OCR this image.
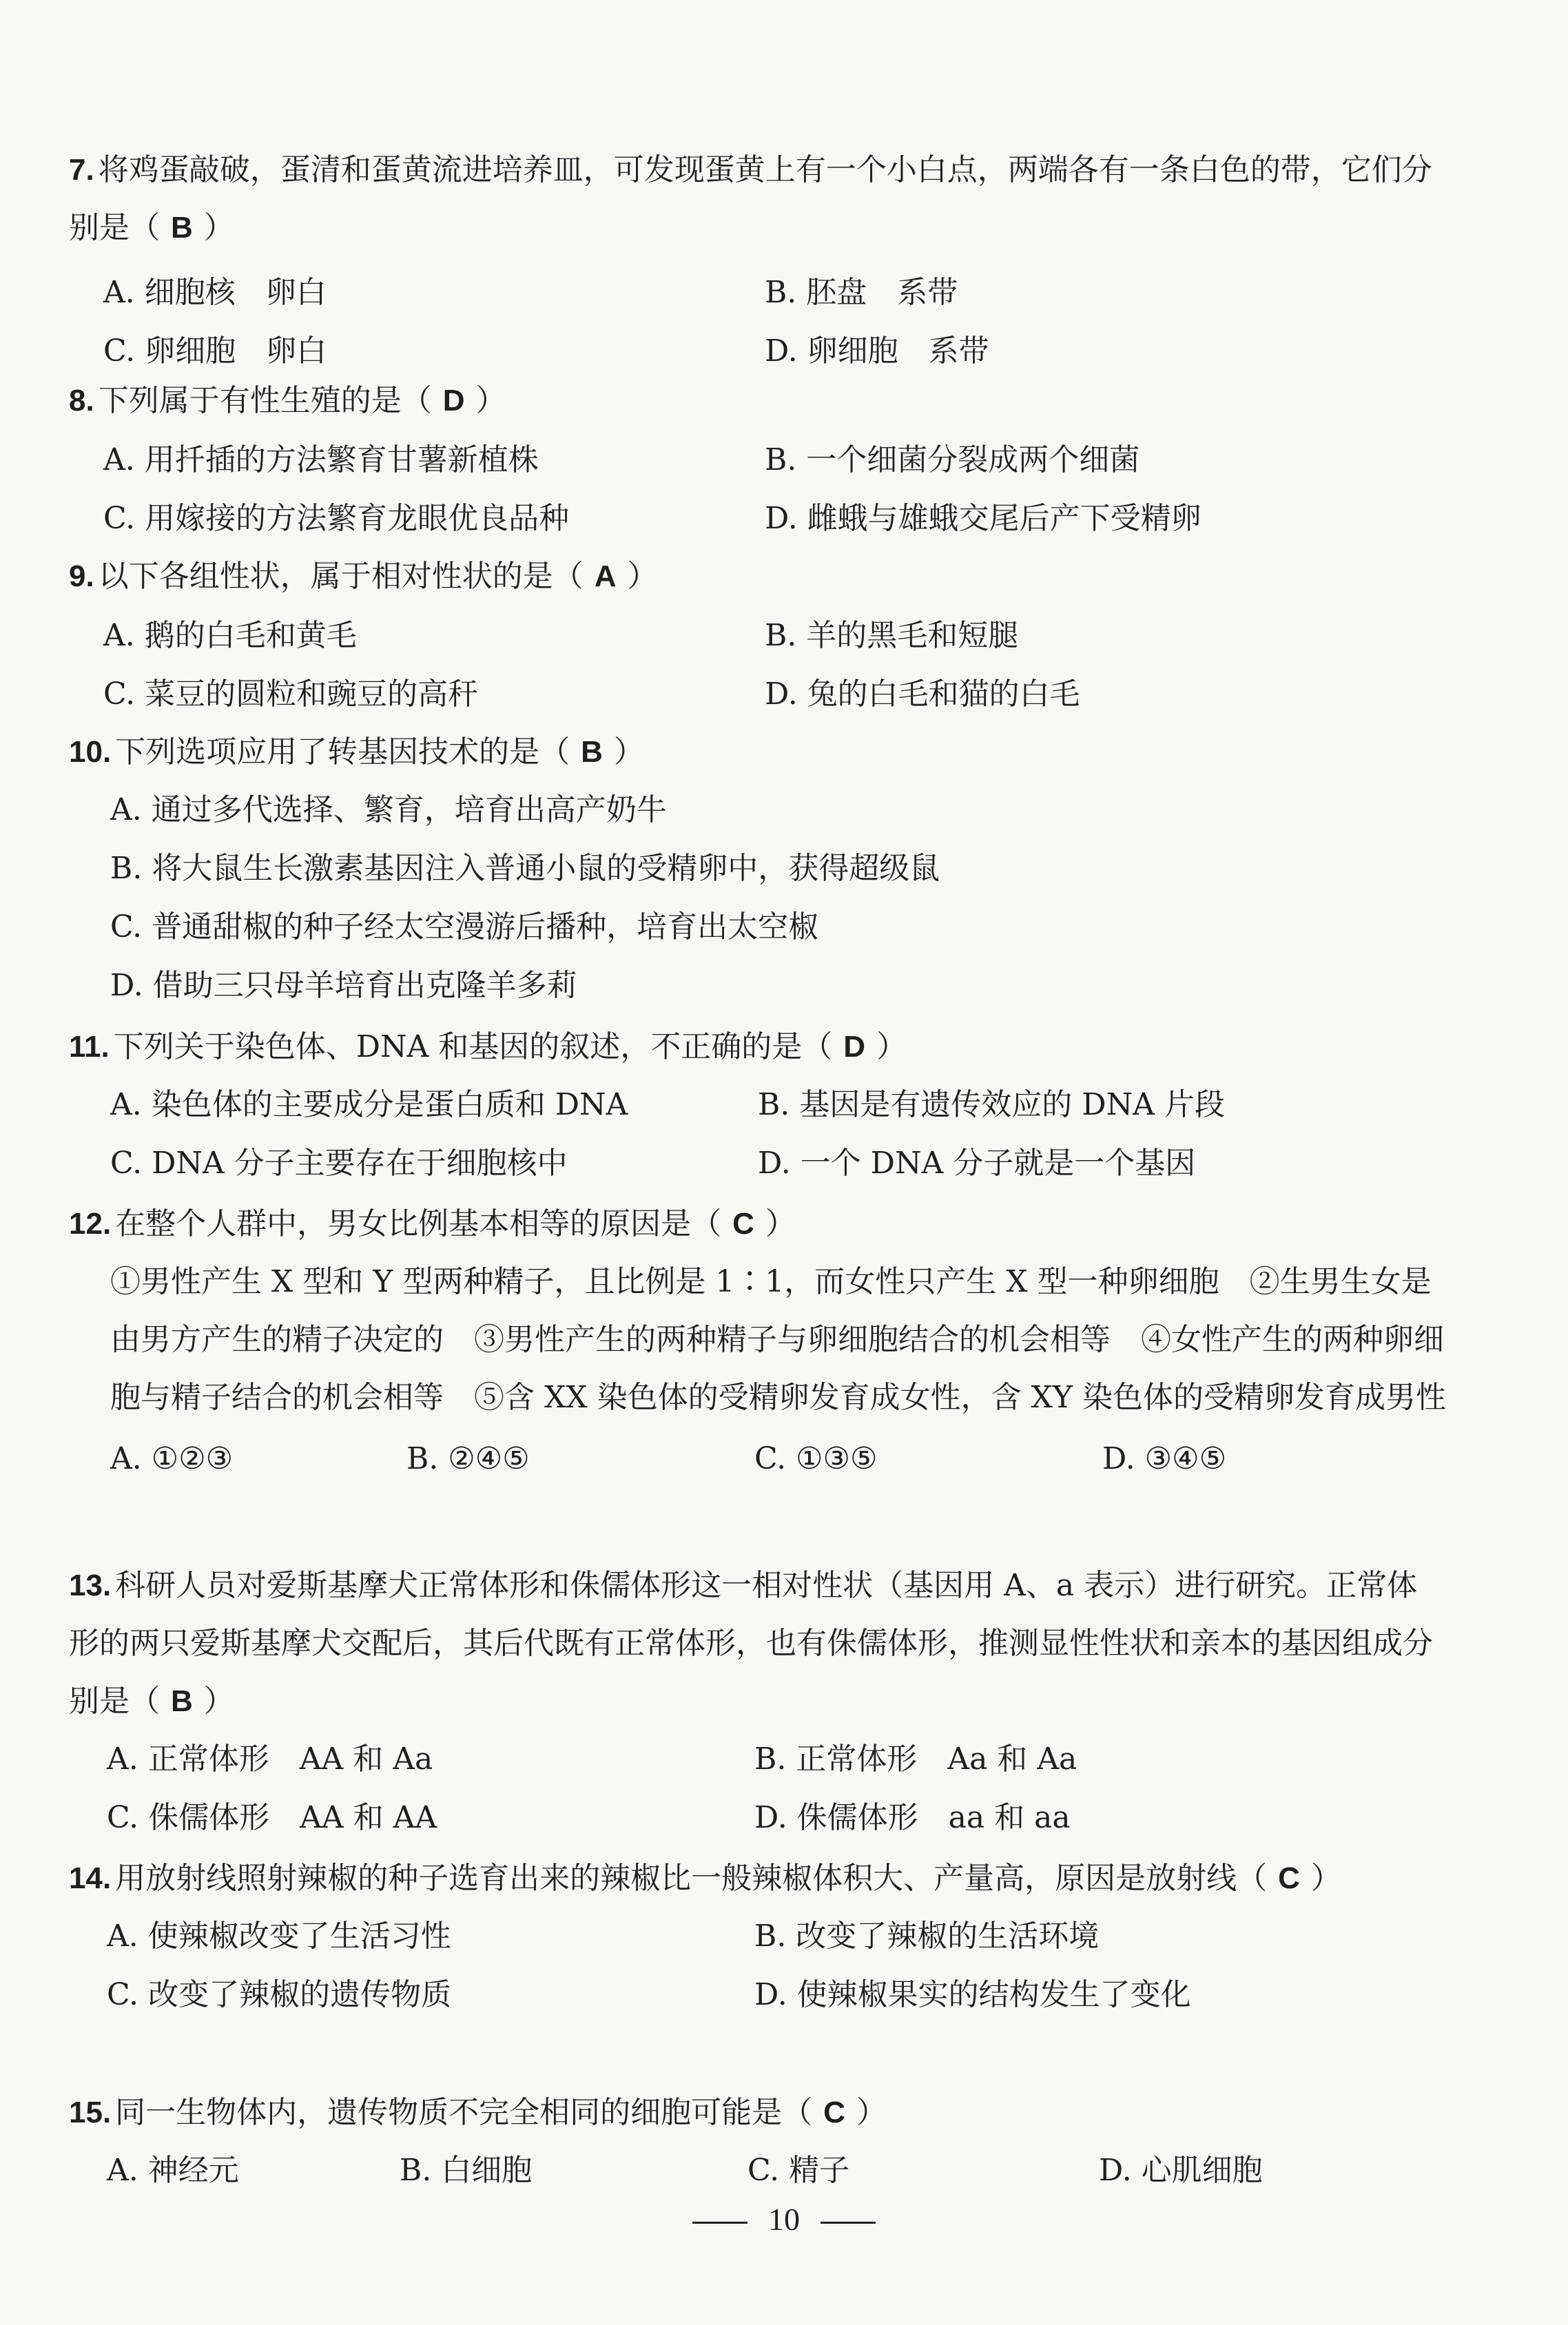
7. 将鸡蛋敲破，蛋清和蛋黄流进培养皿，可发现蛋黄上有一个小白点，两端各有一条白色的带，它们分别是（ B ）
A. 细胞核　卵白	B. 胚盘　系带
C. 卵细胞　卵白	D. 卵细胞　系带
8. 下列属于有性生殖的是（ D ）
A. 用扦插的方法繁育甘薯新植株	B. 一个细菌分裂成两个细菌
C. 用嫁接的方法繁育龙眼优良品种	D. 雌蛾与雄蛾交尾后产下受精卵
9. 以下各组性状，属于相对性状的是（ A ）
A. 鹅的白毛和黄毛	B. 羊的黑毛和短腿
C. 菜豆的圆粒和豌豆的高秆	D. 兔的白毛和猫的白毛
10. 下列选项应用了转基因技术的是（ B ）
A. 通过多代选择、繁育，培育出高产奶牛
B. 将大鼠生长激素基因注入普通小鼠的受精卵中，获得超级鼠
C. 普通甜椒的种子经太空漫游后播种，培育出太空椒
D. 借助三只母羊培育出克隆羊多莉
11. 下列关于染色体、DNA 和基因的叙述，不正确的是（ D ）
A. 染色体的主要成分是蛋白质和 DNA	B. 基因是有遗传效应的 DNA 片段
C. DNA 分子主要存在于细胞核中	D. 一个 DNA 分子就是一个基因
12. 在整个人群中，男女比例基本相等的原因是（ C ）
①男性产生 X 型和 Y 型两种精子，且比例是 1∶1，而女性只产生 X 型一种卵细胞　②生男生女是由男方产生的精子决定的　③男性产生的两种精子与卵细胞结合的机会相等　④女性产生的两种卵细胞与精子结合的机会相等　⑤含 XX 染色体的受精卵发育成女性，含 XY 染色体的受精卵发育成男性
A. ①②③	B. ②④⑤	C. ①③⑤	D. ③④⑤
13. 科研人员对爱斯基摩犬正常体形和侏儒体形这一相对性状（基因用 A、a 表示）进行研究。正常体形的两只爱斯基摩犬交配后，其后代既有正常体形，也有侏儒体形，推测显性性状和亲本的基因组成分别是（ B ）
A. 正常体形　AA 和 Aa	B. 正常体形　Aa 和 Aa
C. 侏儒体形　AA 和 AA	D. 侏儒体形　aa 和 aa
14. 用放射线照射辣椒的种子选育出来的辣椒比一般辣椒体积大、产量高，原因是放射线（ C ）
A. 使辣椒改变了生活习性	B. 改变了辣椒的生活环境
C. 改变了辣椒的遗传物质	D. 使辣椒果实的结构发生了变化
15. 同一生物体内，遗传物质不完全相同的细胞可能是（ C ）
A. 神经元	B. 白细胞	C. 精子	D. 心肌细胞
10
